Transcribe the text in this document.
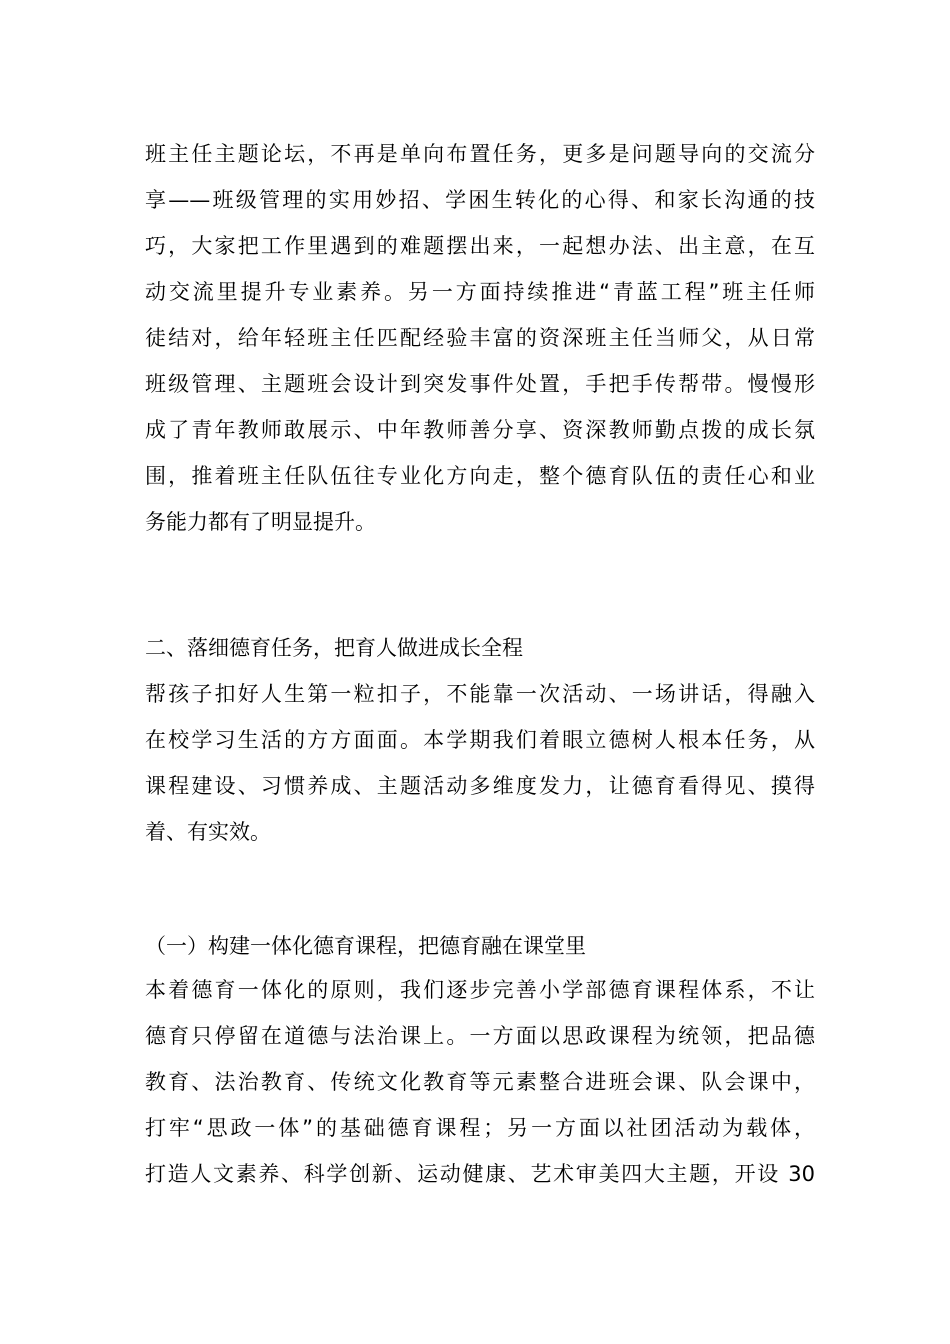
班主任主题论坛，不再是单向布置任务，更多是问题导向的交流分
享——班级管理的实用妙招、学困生转化的心得、和家长沟通的技
巧，大家把工作里遇到的难题摆出来，一起想办法、出主意，在互
动交流里提升专业素养。另一方面持续推进“青蓝工程”班主任师
徒结对，给年轻班主任匹配经验丰富的资深班主任当师父，从日常
班级管理、主题班会设计到突发事件处置，手把手传帮带。慢慢形
成了青年教师敢展示、中年教师善分享、资深教师勤点拨的成长氛
围，推着班主任队伍往专业化方向走，整个德育队伍的责任心和业
务能力都有了明显提升。
二、落细德育任务，把育人做进成长全程
帮孩子扣好人生第一粒扣子，不能靠一次活动、一场讲话，得融入
在校学习生活的方方面面。本学期我们着眼立德树人根本任务，从
课程建设、习惯养成、主题活动多维度发力，让德育看得见、摸得
着、有实效。
（一）构建一体化德育课程，把德育融在课堂里
本着德育一体化的原则，我们逐步完善小学部德育课程体系，不让
德育只停留在道德与法治课上。一方面以思政课程为统领，把品德
教育、法治教育、传统文化教育等元素整合进班会课、队会课中，
打牢“思政一体”的基础德育课程；另一方面以社团活动为载体，
打造人文素养、科学创新、运动健康、艺术审美四大主题，开设 30
